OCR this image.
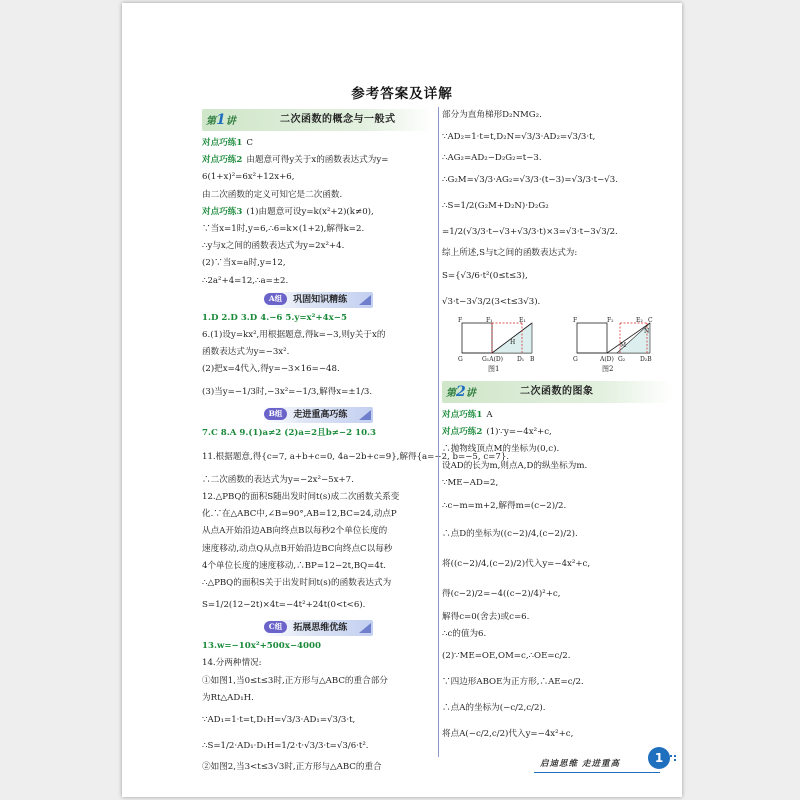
参考答案及详解
第1讲	二次函数的概念与一般式
对点巧练1 C
对点巧练2 由题意可得y关于x的函数表达式为y=
6(1+x)²=6x²+12x+6,
由二次函数的定义可知它是二次函数.
对点巧练3 (1)由题意可设y=k(x²+2)(k≠0),
∵当x=1时,y=6,∴6=k×(1+2),解得k=2.
∴y与x之间的函数表达式为y=2x²+4.
(2)∵当x=a时,y=12,
∴2a²+4=12,∴a=±2.
A组 巩固知识精练
1.D 2.D 3.D 4.−6 5.y=x²+4x−5
6.(1)设y=kx²,用根据题意,得k=−3,则y关于x的
函数表达式为y=−3x².
(2)把x=4代入,得y=−3×16=−48.
(3)当y=−1/3时,−3x²=−1/3,解得x=±1/3.
B组 走进重高巧练
7.C 8.A 9.(1)a≠2 (2)a=2且b≠−2 10.3
11.根据题意,得{c=7, a+b+c=0, 4a−2b+c=9},解得{a=−2, b=−5, c=7}.
∴二次函数的表达式为y=−2x²−5x+7.
12.△PBQ的面积S随出发时间t(s)成二次函数关系变
化.∵在△ABC中,∠B=90°,AB=12,BC=24,动点P
从点A开始沿边AB向终点B以每秒2个单位长度的
速度移动,动点Q从点B开始沿边BC向终点C以每秒
4个单位长度的速度移动,∴BP=12−2t,BQ=4t.
∴△PBQ的面积S关于出发时间t(s)的函数表达式为
S=1/2(12−2t)×4t=−4t²+24t(0<t<6).
C组 拓展思维优练
13.w=−10x²+500x−4000
14.分两种情况:
①如图1,当0≤t≤3时,正方形与△ABC的重合部分
为Rt△AD₁H.
∵AD₁=1·t=t,D₁H=√3/3·AD₁=√3/3·t,
∴S=1/2·AD₁·D₁H=1/2·t·√3/3·t=√3/6·t².
②如图2,当3<t≤3√3时,正方形与△ABC的重合
部分为直角梯形D₂NMG₂.
∵AD₂=1·t=t,D₂N=√3/3·AD₂=√3/3·t,
∴AG₂=AD₂−D₂G₂=t−3.
∴G₂M=√3/3·AG₂=√3/3·(t−3)=√3/3·t−√3.
∴S=1/2(G₂M+D₂N)·D₂G₂
=1/2(√3/3·t−√3+√3/3·t)×3=√3·t−3√3/2.
综上所述,S与t之间的函数表达式为:
S={√3/6·t²(0≤t≤3),
√3·t−3√3/2(3<t≤3√3).
F	F₁	E₁
H
G	G₁A(D) D₁ B
图1
F	F₂	E₂ C
N
M
G	A(D) G₂ D₂B
图2
第2讲	二次函数的图象
对点巧练1 A
对点巧练2 (1)∵y=−4x²+c,
∴抛物线顶点M的坐标为(0,c).
设AD的长为m,则点A,D的纵坐标为m.
∵ME−AD=2,
∴c−m=m+2,解得m=(c−2)/2.
∴点D的坐标为((c−2)/4,(c−2)/2).
将((c−2)/4,(c−2)/2)代入y=−4x²+c,
得(c−2)/2=−4((c−2)/4)²+c,
解得c=0(舍去)或c=6.
∴c的值为6.
(2)∵ME=OE,OM=c,∴OE=c/2.
∵四边形ABOE为正方形,∴AE=c/2.
∴点A的坐标为(−c/2,c/2).
将点A(−c/2,c/2)代入y=−4x²+c,
启迪思维 走进重高	1
